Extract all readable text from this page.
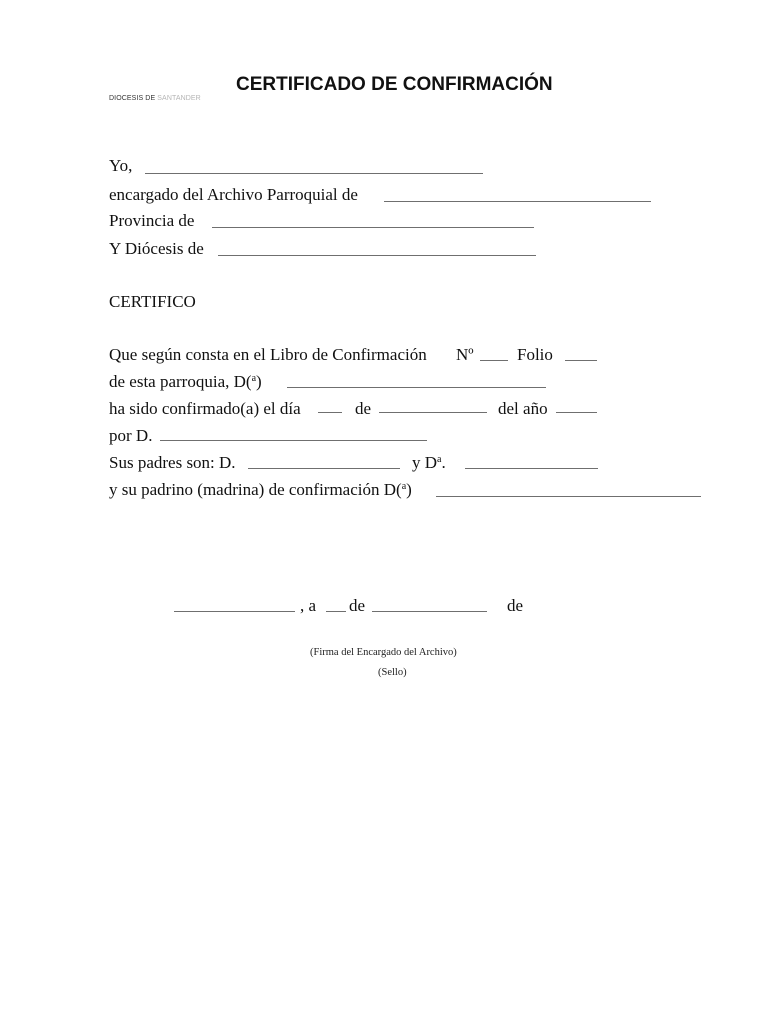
DIOCESIS DE SANTANDER
CERTIFICADO DE CONFIRMACIÓN
Yo,
encargado del Archivo Parroquial de
Provincia de
Y Diócesis de
CERTIFICO
Que según consta en el Libro de Confirmación Nº	Folio
de esta parroquia, D($^a$)
ha sido confirmado(a) el día	de	del año
por D.
Sus padres son: D.	y $D^a$.
y su padrino (madrina) de confirmación D($^a$)
, a de	de
(Firma del Encargado del Archivo)
(Sello)
